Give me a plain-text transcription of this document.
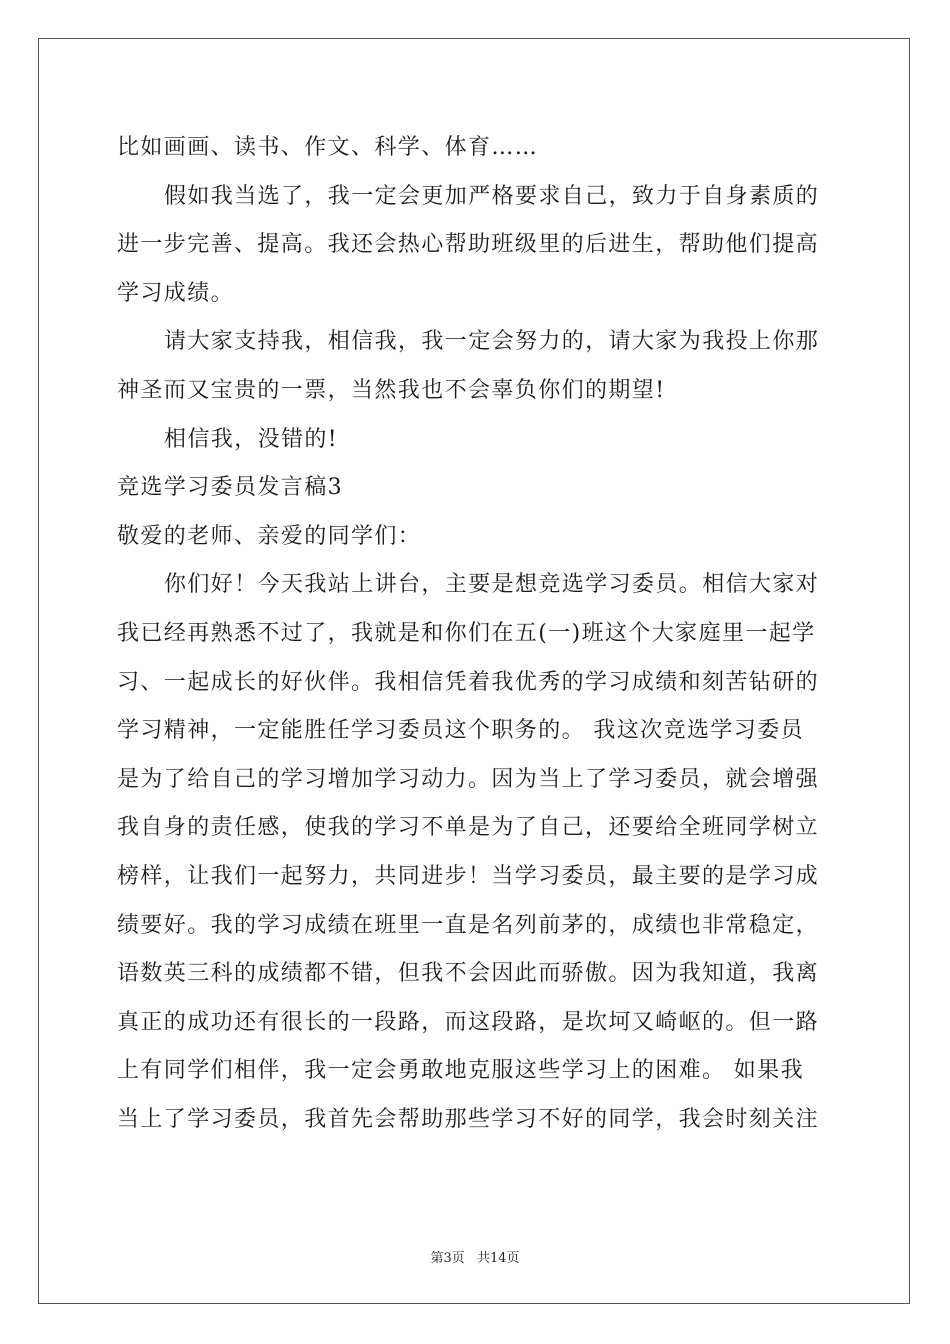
比如画画、读书、作文、科学、体育……
假如我当选了，我一定会更加严格要求自己，致力于自身素质的
进一步完善、提高。我还会热心帮助班级里的后进生，帮助他们提高
学习成绩。
请大家支持我，相信我，我一定会努力的，请大家为我投上你那
神圣而又宝贵的一票，当然我也不会辜负你们的期望!
相信我，没错的!
竞选学习委员发言稿3
敬爱的老师、亲爱的同学们：
你们好！今天我站上讲台，主要是想竞选学习委员。相信大家对
我已经再熟悉不过了，我就是和你们在五(一)班这个大家庭里一起学
习、一起成长的好伙伴。我相信凭着我优秀的学习成绩和刻苦钻研的
学习精神，一定能胜任学习委员这个职务的。 我这次竞选学习委员
是为了给自己的学习增加学习动力。因为当上了学习委员，就会增强
我自身的责任感，使我的学习不单是为了自己，还要给全班同学树立
榜样，让我们一起努力，共同进步！当学习委员，最主要的是学习成
绩要好。我的学习成绩在班里一直是名列前茅的，成绩也非常稳定，
语数英三科的成绩都不错，但我不会因此而骄傲。因为我知道，我离
真正的成功还有很长的一段路，而这段路，是坎坷又崎岖的。但一路
上有同学们相伴，我一定会勇敢地克服这些学习上的困难。 如果我
当上了学习委员，我首先会帮助那些学习不好的同学，我会时刻关注
第3页 共14页
